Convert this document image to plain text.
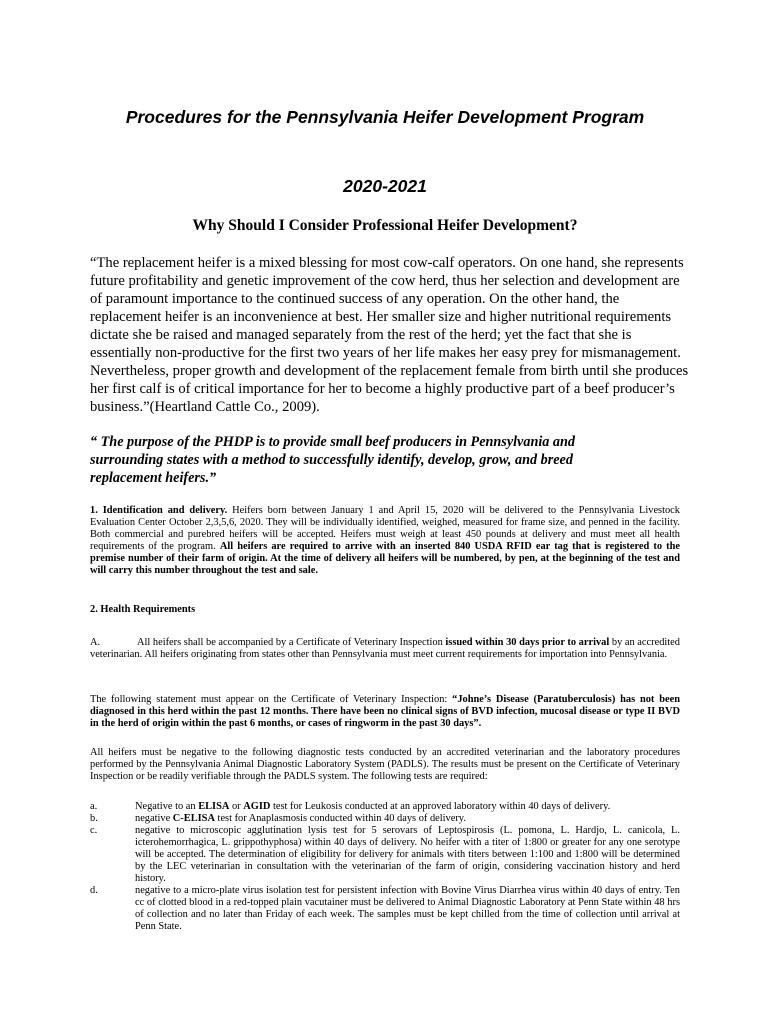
Procedures for the Pennsylvania Heifer Development Program
2020-2021
Why Should I Consider Professional Heifer Development?
“The replacement heifer is a mixed blessing for most cow-calf operators. On one hand, she represents future profitability and genetic improvement of the cow herd, thus her selection and development are of paramount importance to the continued success of any operation. On the other hand, the replacement heifer is an inconvenience at best. Her smaller size and higher nutritional requirements dictate she be raised and managed separately from the rest of the herd; yet the fact that she is essentially non-productive for the first two years of her life makes her easy prey for mismanagement. Nevertheless, proper growth and development of the replacement female from birth until she produces her first calf is of critical importance for her to become a highly productive part of a beef producer’s business.”(Heartland Cattle Co., 2009).
“ The purpose of the PHDP is to provide small beef producers in Pennsylvania and surrounding states with a method to successfully identify, develop, grow, and breed replacement heifers.”
1. Identification and delivery. Heifers born between January 1 and April 15, 2020 will be delivered to the Pennsylvania Livestock Evaluation Center October 2,3,5,6, 2020. They will be individually identified, weighed, measured for frame size, and penned in the facility. Both commercial and purebred heifers will be accepted. Heifers must weigh at least 450 pounds at delivery and must meet all health requirements of the program. All heifers are required to arrive with an inserted 840 USDA RFID ear tag that is registered to the premise number of their farm of origin. At the time of delivery all heifers will be numbered, by pen, at the beginning of the test and will carry this number throughout the test and sale.
2. Health Requirements
A.	All heifers shall be accompanied by a Certificate of Veterinary Inspection issued within 30 days prior to arrival by an accredited veterinarian. All heifers originating from states other than Pennsylvania must meet current requirements for importation into Pennsylvania.
The following statement must appear on the Certificate of Veterinary Inspection: “Johne’s Disease (Paratuberculosis) has not been diagnosed in this herd within the past 12 months. There have been no clinical signs of BVD infection, mucosal disease or type II BVD in the herd of origin within the past 6 months, or cases of ringworm in the past 30 days”.
All heifers must be negative to the following diagnostic tests conducted by an accredited veterinarian and the laboratory procedures performed by the Pennsylvania Animal Diagnostic Laboratory System (PADLS). The results must be present on the Certificate of Veterinary Inspection or be readily verifiable through the PADLS system. The following tests are required:
a.	Negative to an ELISA or AGID test for Leukosis conducted at an approved laboratory within 40 days of delivery.
b.	negative C-ELISA test for Anaplasmosis conducted within 40 days of delivery.
c.	negative to microscopic agglutination lysis test for 5 serovars of Leptospirosis (L. pomona, L. Hardjo, L. canicola, L. icterohemorrhagica, L. grippothyphosa) within 40 days of delivery. No heifer with a titer of 1:800 or greater for any one serotype will be accepted. The determination of eligibility for delivery for animals with titers between 1:100 and 1:800 will be determined by the LEC veterinarian in consultation with the veterinarian of the farm of origin, considering vaccination history and herd history.
d.	negative to a micro-plate virus isolation test for persistent infection with Bovine Virus Diarrhea virus within 40 days of entry. Ten cc of clotted blood in a red-topped plain vacutainer must be delivered to Animal Diagnostic Laboratory at Penn State within 48 hrs of collection and no later than Friday of each week. The samples must be kept chilled from the time of collection until arrival at Penn State.
